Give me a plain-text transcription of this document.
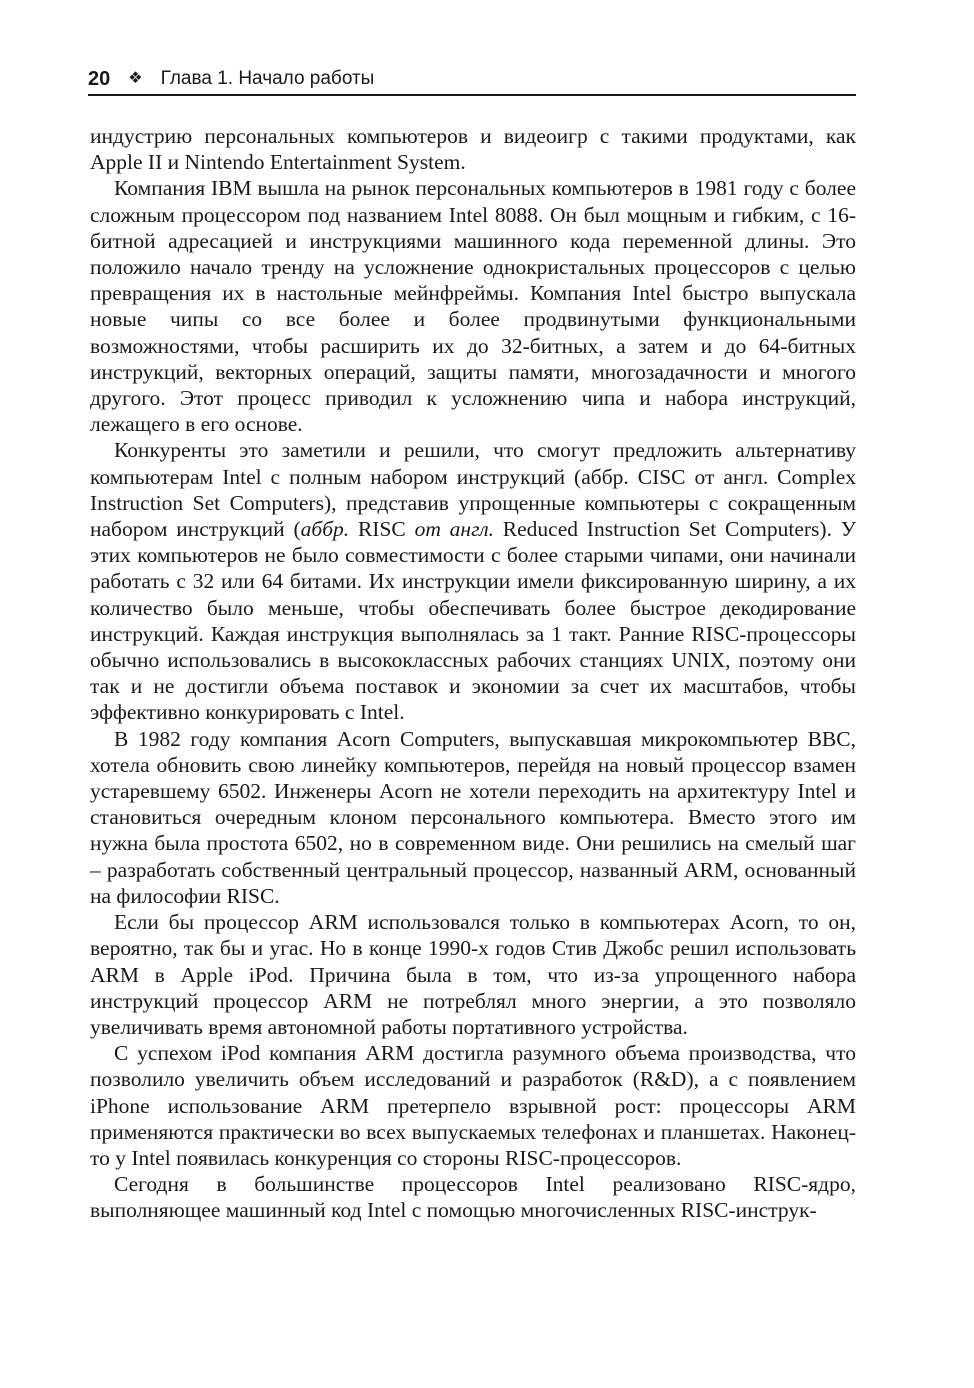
20 ❖ Глава 1. Начало работы

индустрию персональных компьютеров и видеоигр с такими продуктами, как Apple II и Nintendo Entertainment System.

Компания IBM вышла на рынок персональных компьютеров в 1981 году с более сложным процессором под названием Intel 8088. Он был мощным и гибким, с 16-битной адресацией и инструкциями машинного кода переменной длины. Это положило начало тренду на усложнение однокристальных процессоров с целью превращения их в настольные мейнфреймы. Компания Intel быстро выпускала новые чипы со все более и более продвинутыми функциональными возможностями, чтобы расширить их до 32-битных, а затем и до 64-битных инструкций, векторных операций, защиты памяти, многозадачности и многого другого. Этот процесс приводил к усложнению чипа и набора инструкций, лежащего в его основе.

Конкуренты это заметили и решили, что смогут предложить альтернативу компьютерам Intel с полным набором инструкций (аббр. CISC от англ. Complex Instruction Set Computers), представив упрощенные компьютеры с сокращенным набором инструкций (аббр. RISC от англ. Reduced Instruction Set Computers). У этих компьютеров не было совместимости с более старыми чипами, они начинали работать с 32 или 64 битами. Их инструкции имели фиксированную ширину, а их количество было меньше, чтобы обеспечивать более быстрое декодирование инструкций. Каждая инструкция выполнялась за 1 такт. Ранние RISC-процессоры обычно использовались в высококлассных рабочих станциях UNIX, поэтому они так и не достигли объема поставок и экономии за счет их масштабов, чтобы эффективно конкурировать с Intel.

В 1982 году компания Acorn Computers, выпускавшая микрокомпьютер BBC, хотела обновить свою линейку компьютеров, перейдя на новый процессор взамен устаревшему 6502. Инженеры Acorn не хотели переходить на архитектуру Intel и становиться очередным клоном персонального компьютера. Вместо этого им нужна была простота 6502, но в современном виде. Они решились на смелый шаг – разработать собственный центральный процессор, названный ARM, основанный на философии RISC.

Если бы процессор ARM использовался только в компьютерах Acorn, то он, вероятно, так бы и угас. Но в конце 1990-х годов Стив Джобс решил использовать ARM в Apple iPod. Причина была в том, что из-за упрощенного набора инструкций процессор ARM не потреблял много энергии, а это позволяло увеличивать время автономной работы портативного устройства.

С успехом iPod компания ARM достигла разумного объема производства, что позволило увеличить объем исследований и разработок (R&D), а с появлением iPhone использование ARM претерпело взрывной рост: процессоры ARM применяются практически во всех выпускаемых телефонах и планшетах. Наконец-то у Intel появилась конкуренция со стороны RISC-процессоров.

Сегодня в большинстве процессоров Intel реализовано RISC-ядро, выполняющее машинный код Intel с помощью многочисленных RISC-инструк-
